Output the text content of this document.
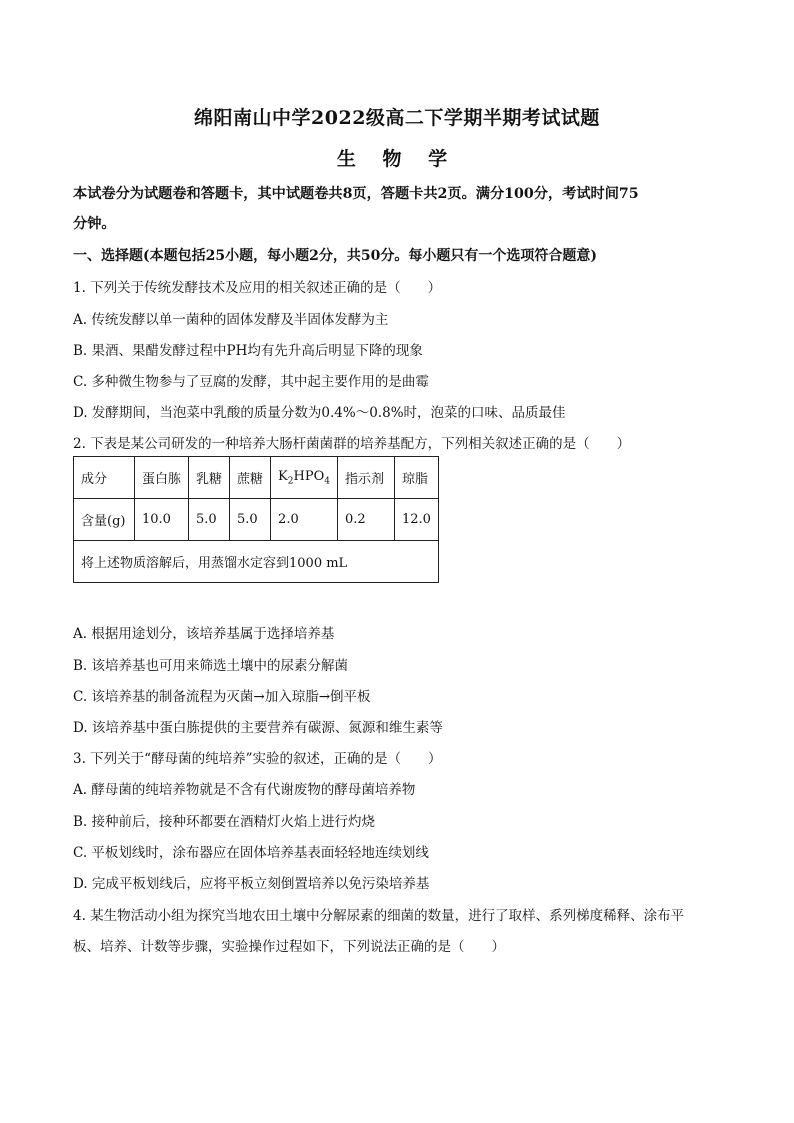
绵阳南山中学2022级高二下学期半期考试试题
生 物 学
本试卷分为试题卷和答题卡，其中试题卷共8页，答题卡共2页。满分100分，考试时间75
分钟。
一、选择题(本题包括25小题，每小题2分，共50分。每小题只有一个选项符合题意)
1. 下列关于传统发酵技术及应用的相关叙述正确的是（　　）
A. 传统发酵以单一菌种的固体发酵及半固体发酵为主
B. 果酒、果醋发酵过程中PH均有先升高后明显下降的现象
C. 多种微生物参与了豆腐的发酵，其中起主要作用的是曲霉
D. 发酵期间，当泡菜中乳酸的质量分数为0.4%～0.8%时，泡菜的口味、品质最佳
2. 下表是某公司研发的一种培养大肠杆菌菌群的培养基配方，下列相关叙述正确的是（　　）
成分	蛋白胨	乳糖	蔗糖	$K_2HPO_4$	指示剂	琼脂
含量(g)	10.0	5.0	5.0	2.0	0.2	12.0
将上述物质溶解后，用蒸馏水定容到1000 mL						
A. 根据用途划分，该培养基属于选择培养基
B. 该培养基也可用来筛选土壤中的尿素分解菌
C. 该培养基的制备流程为灭菌→加入琼脂→倒平板
D. 该培养基中蛋白胨提供的主要营养有碳源、氮源和维生素等
3. 下列关于“酵母菌的纯培养”实验的叙述，正确的是（　　）
A. 酵母菌的纯培养物就是不含有代谢废物的酵母菌培养物
B. 接种前后，接种环都要在酒精灯火焰上进行灼烧
C. 平板划线时，涂布器应在固体培养基表面轻轻地连续划线
D. 完成平板划线后，应将平板立刻倒置培养以免污染培养基
4. 某生物活动小组为探究当地农田土壤中分解尿素的细菌的数量，进行了取样、系列梯度稀释、涂布平
板、培养、计数等步骤，实验操作过程如下，下列说法正确的是（　　）
